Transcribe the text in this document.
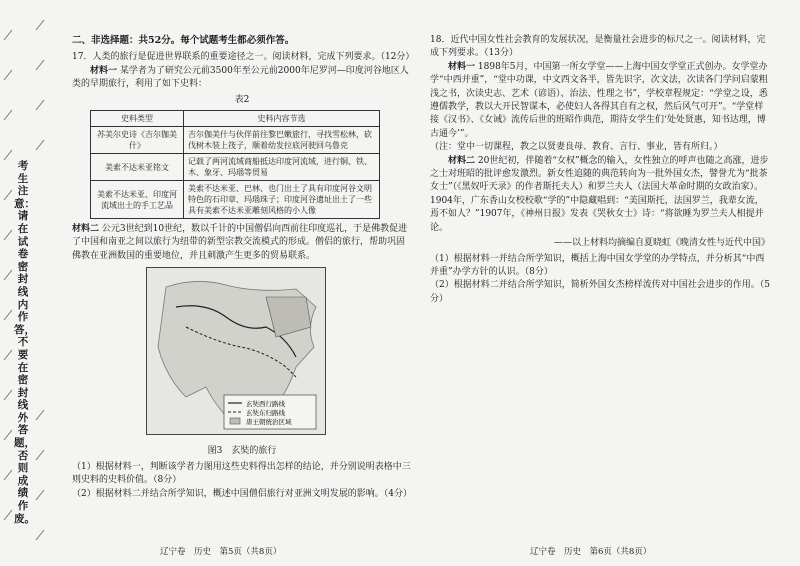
考生注意：请在试卷密封线内作答，不要在密封线外答题，否则成绩作废。

二、非选择题：共52分。每个试题考生都必须作答。

17．人类的旅行是促进世界联系的重要途径之一。阅读材料，完成下列要求。（12分）

材料一 某学者为了研究公元前3500年至公元前2000年尼罗河—印度河谷地区人类的早期旅行，利用了如下史料：

表2

史料类型	史料内容节选
苏美尔史诗《吉尔伽美什》	吉尔伽美什与伙伴前往黎巴嫩旅行，寻找雪松林，砍伐树木装上筏子，顺着幼发拉底河驶回乌鲁克
美索不达米亚铭文	记载了两河流域商船抵达印度河流域，进行铜、铁、木、象牙、玛瑙等贸易
美索不达米亚、印度河流域出土的手工艺品	美索不达米亚、巴林、也门出土了具有印度河谷文明特色的石印章、玛瑙珠子；印度河谷遗址出土了一些具有美索不达米亚雕刻风格的小人像

材料二 公元3世纪到10世纪，数以千计的中国僧侣向西前往印度巡礼，于是佛教促进了中国和南亚之间以旅行为纽带的新型宗教交流模式的形成。僧侣的旅行，帮助巩固佛教在亚洲数国的重要地位，并且刺激产生更多的贸易联系。

玄奘西行路线
玄奘东归路线
唐王朝统治区域

图3　玄奘的旅行

（1）根据材料一，判断该学者力图用这些史料得出怎样的结论，并分别说明表格中三则史料的史料价值。（8分）

（2）根据材料二并结合所学知识，概述中国僧侣旅行对亚洲文明发展的影响。（4分）

辽宁卷　历史　第5页（共8页）

18．近代中国女性社会教育的发展状况，是衡量社会进步的标尺之一。阅读材料，完成下列要求。（13分）

材料一 1898年5月，中国第一所女学堂——上海中国女学堂正式创办。女学堂办学“中西并重”，“堂中功课，中文西文各半，皆先识字，次文法，次读各门学问启蒙粗浅之书，次读史志、艺术（谚语）、治法、性理之书”，学校章程规定：“学堂之设，悉遵儒教学，教以大开民智谋本，必使妇人各得其自有之权，然后风气可开”。“学堂样接《汉书》、《女诫》流传后世的班昭作典范，期待女学生们‘处处贤惠，知书达理，博古通今’”。

（注：堂中一切课程，教之以贤妻良母、教育、言行、事业，皆有所归。）

材料二 20世纪初，伴随着“女权”概念的输入，女性独立的呼声也随之高涨，进步之士对班昭的批评愈发激烈。新女性追随的典范转向为一批外国女杰，譬誉尤为“批茶女士”（《黑奴吁天录》的作者斯托夫人）和罗兰夫人（法国大革命时期的女政治家）。1904年，广东香山女校校歌“学的”中隐藏唱到：“美国斯托，法国罗兰，我辈女流，焉不如人？”1907年，《神州日报》发表《哭秋女士》诗：“将欲睡为罗兰夫人相提并论。

——以上材料均摘编自夏晓虹《晚清女性与近代中国》

（1）根据材料一并结合所学知识，概括上海中国女学堂的办学特点，并分析其“中西并重”办学方针的认识。（8分）

（2）根据材料二并结合所学知识，简析外国女杰榜样流传对中国社会进步的作用。（5分）

辽宁卷　历史　第6页（共8页）
